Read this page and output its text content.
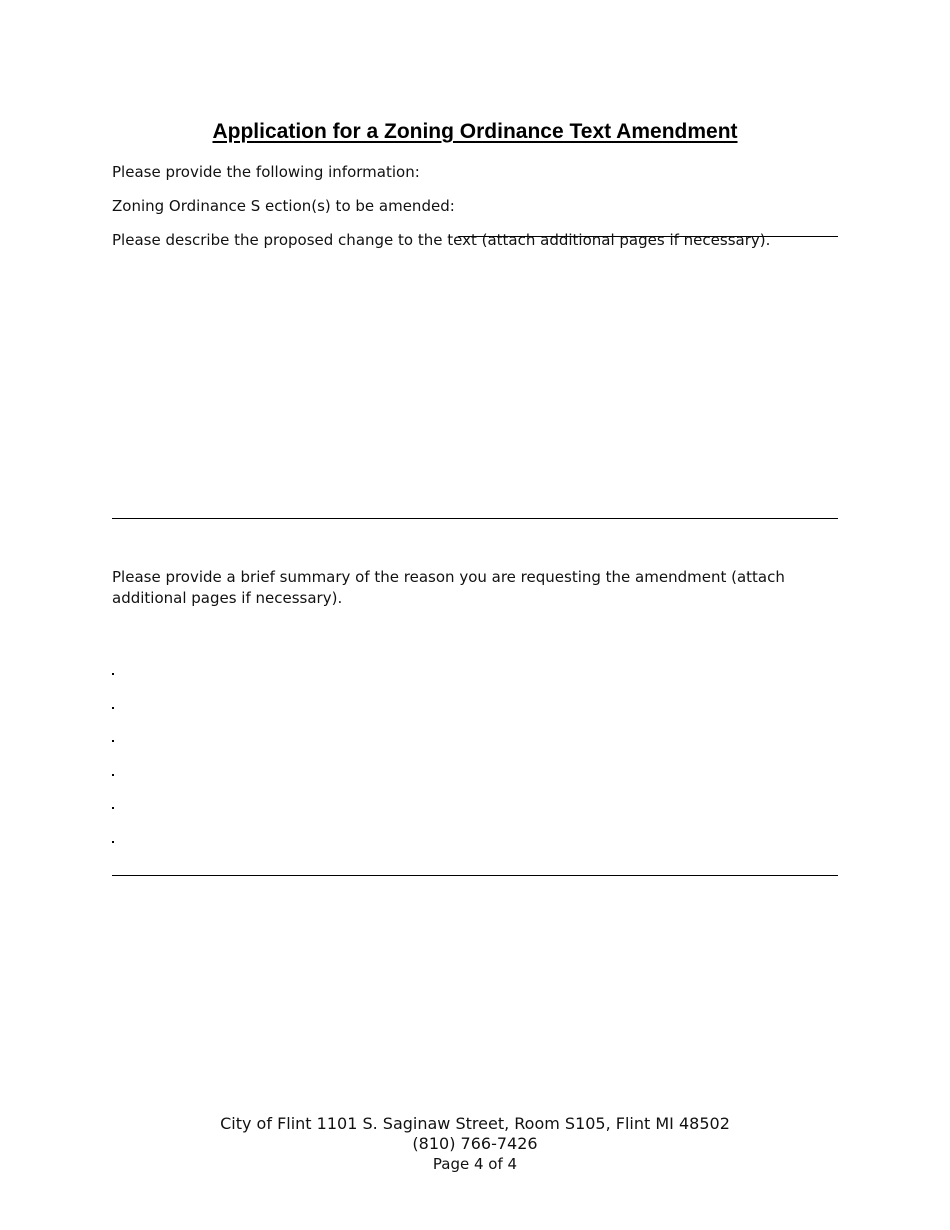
Application for a Zoning Ordinance Text Amendment
Please provide the following information:
Zoning Ordinance S ection(s) to be amended:
Please describe the proposed change to the text (attach additional pages if necessary).
Please provide a brief summary of the reason you are requesting the amendment (attach additional pages if necessary).
City of Flint 1101 S. Saginaw Street, Room S105, Flint MI 48502
(810) 766-7426
Page 4 of 4
